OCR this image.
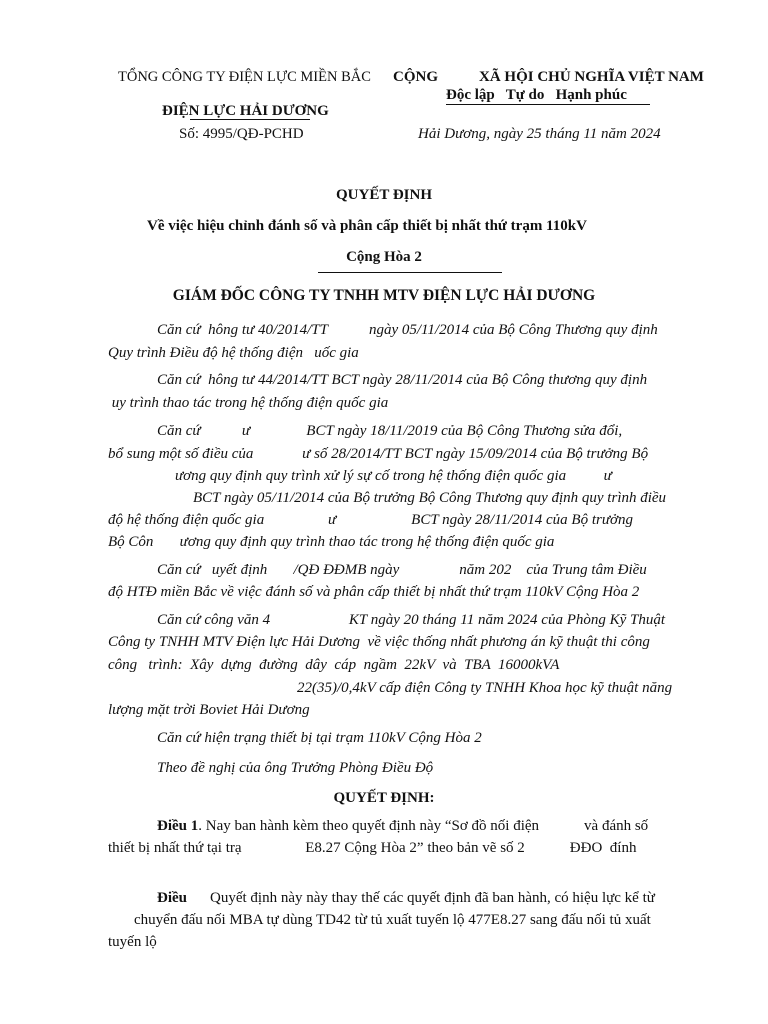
TỔNG CÔNG TY ĐIỆN LỰC MIỀN BẮC CỘNG	XÃ HỘI CHỦ NGHĨA VIỆT NAM
Độc lập   Tự do   Hạnh phúc
ĐIỆN LỰC HẢI DƯƠNG
Số: 4995/QĐ-PCHD	Hải Dương, ngày 25 tháng 11 năm 2024
QUYẾT ĐỊNH
Về việc hiệu chỉnh đánh số và phân cấp thiết bị nhất thứ trạm 110kV
Cộng Hòa 2
GIÁM ĐỐC CÔNG TY TNHH MTV ĐIỆN LỰC HẢI DƯƠNG
Căn cứ  hông tư 40/2014/TT           ngày 05/11/2014 của Bộ Công Thương quy định
Quy trình Điều độ hệ thống điện   uốc gia
Căn cứ  hông tư 44/2014/TT BCT ngày 28/11/2014 của Bộ Công thương quy định
uy trình thao tác trong hệ thống điện quốc gia
Căn cứ           ư               BCT ngày 18/11/2019 của Bộ Công Thương sửa đổi,
bổ sung một số điều của             ư số 28/2014/TT BCT ngày 15/09/2014 của Bộ trưởng Bộ
ương quy định quy trình xử lý sự cố trong hệ thống điện quốc gia          ư
BCT ngày 05/11/2014 của Bộ trưởng Bộ Công Thương quy định quy trình điều
độ hệ thống điện quốc gia                 ư                    BCT ngày 28/11/2014 của Bộ trưởng
Bộ Côn       ương quy định quy trình thao tác trong hệ thống điện quốc gia
Căn cứ   uyết định       /QĐ ĐĐMB ngày                năm 202    của Trung tâm Điều
độ HTĐ miền Bắc về việc đánh số và phân cấp thiết bị nhất thứ trạm 110kV Cộng Hòa 2
Căn cứ công văn 4                     KT ngày 20 tháng 11 năm 2024 của Phòng Kỹ Thuật
Công ty TNHH MTV Điện lực Hải Dương  về việc thống nhất phương án kỹ thuật thi công
công   trình:  Xây  dựng  đường  dây  cáp  ngầm  22kV  và  TBA  16000kVA
22(35)/0,4kV cấp điện Công ty TNHH Khoa học kỹ thuật năng
lượng mặt trời Boviet Hải Dương
Căn cứ hiện trạng thiết bị tại trạm 110kV Cộng Hòa 2
Theo đề nghị của ông Trưởng Phòng Điều Độ
QUYẾT ĐỊNH:
Điều 1. Nay ban hành kèm theo quyết định này “Sơ đồ nối điện            và đánh số
thiết bị nhất thứ tại trạ                 E8.27 Cộng Hòa 2” theo bản vẽ số 2            ĐĐO  đính
Điều Quyết định này này thay thế các quyết định đã ban hành, có hiệu lực kể từ
chuyển đấu nối MBA tự dùng TD42 từ tủ xuất tuyến lộ 477E8.27 sang đấu nối tủ xuất
tuyến lộ
